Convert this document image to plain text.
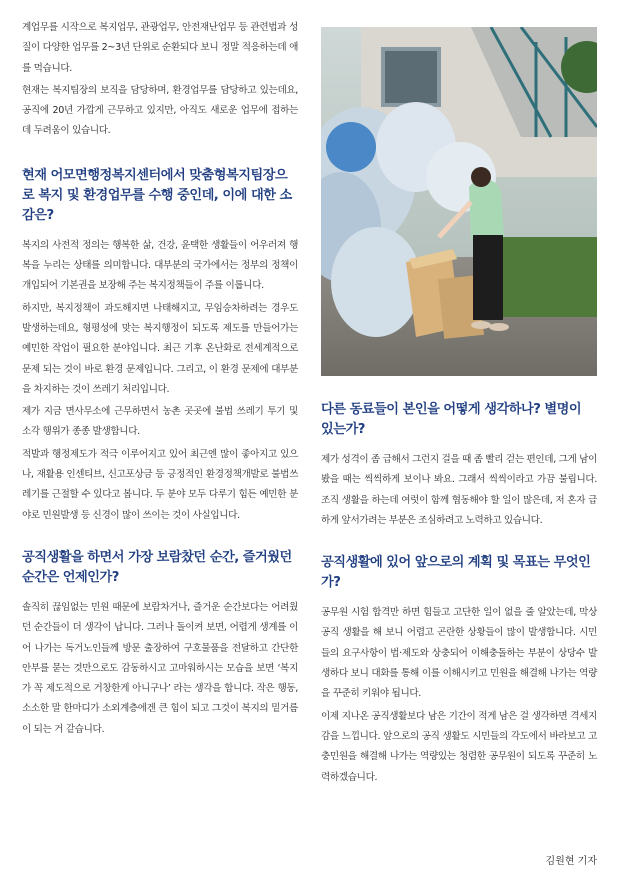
계업무를 시작으로 복지업무, 관광업무, 안전재난업무 등 관련법과 성질이 다양한 업무를 2~3년 단위로 순환되다 보니 정말 적응하는데 애를 먹습니다.

현재는 복지팀장의 보직을 담당하며, 환경업무를 담당하고 있는데요, 공직에 20년 가깝게 근무하고 있지만, 아직도 새로운 업무에 접하는데 두려움이 있습니다.

현재 어모면행정복지센터에서 맞춤형복지팀장으로 복지 및 환경업무를 수행 중인데, 이에 대한 소감은?

복지의 사전적 정의는 행복한 삶, 건강, 윤택한 생활들이 어우러져 행복을 누리는 상태를 의미합니다. 대부분의 국가에서는 정부의 정책이 개입되어 기본권을 보장해 주는 복지정책들이 주를 이룹니다.

하지만, 복지정책이 과도해지면 나태해지고, 무임승차하려는 경우도 발생하는데요, 형평성에 맞는 복지행정이 되도록 제도를 만들어가는 예민한 작업이 필요한 분야입니다. 최근 기후 온난화로 전세계적으로 문제 되는 것이 바로 환경 문제입니다. 그리고, 이 환경 문제에 대부분을 차지하는 것이 쓰레기 처리입니다.

제가 지금 면사무소에 근무하면서 농촌 곳곳에 불법 쓰레기 투기 및 소각 행위가 종종 발생합니다.

적발과 행정제도가 적극 이루어지고 있어 최근엔 많이 좋아지고 있으나, 재활용 인센티브, 신고포상금 등 긍정적인 환경정책개발로 불법쓰레기를 근절할 수 있다고 봅니다. 두 분야 모두 다루기 힘든 예민한 분야로 민원발생 등 신경이 많이 쓰이는 것이 사실입니다.

공직생활을 하면서 가장 보람찼던 순간, 즐거웠던 순간은 언제인가?

솔직히 끊임없는 민원 때문에 보람차거나, 즐거운 순간보다는 어려웠던 순간들이 더 생각이 납니다. 그러나 돌이켜 보면, 어렵게 생계를 이어 나가는 독거노인들께 방문 출장하여 구호물품을 전달하고 간단한 안부를 묻는 것만으로도 감동하시고 고마워하시는 모습을 보면 ‘복지가 꼭 제도적으로 거창한게 아니구나’ 라는 생각을 합니다. 작은 행동, 소소한 말 한마디가 소외계층에겐 큰 힘이 되고 그것이 복지의 밑거름이 되는 거 같습니다.

다른 동료들이 본인을 어떻게 생각하나? 별명이 있는가?

제가 성격이 좀 급해서 그런지 걸을 때 좀 빨리 걷는 편인데, 그게 남이 봤을 때는 씩씩하게 보이나 봐요. 그래서 씩씩이라고 가끔 불립니다. 조직 생활을 하는데 여럿이 함께 협동해야 할 일이 많은데, 저 혼자 급하게 앞서가려는 부분은 조심하려고 노력하고 있습니다.

공직생활에 있어 앞으로의 계획 및 목표는 무엇인가?

공무원 시험 합격만 하면 힘들고 고단한 일이 없을 줄 알았는데, 막상 공직 생활을 해 보니 어렵고 곤란한 상황들이 많이 발생합니다. 시민들의 요구사항이 법·제도와 상충되어 이해충돌하는 부분이 상당수 발생하다 보니 대화를 통해 이를 이해시키고 민원을 해결해 나가는 역량을 꾸준히 키워야 됩니다.

이제 지나온 공직생활보다 남은 기간이 적게 남은 걸 생각하면 격세지감을 느낍니다. 앞으로의 공직 생활도 시민들의 각도에서 바라보고 고충민원을 해결해 나가는 역량있는 청렴한 공무원이 되도록 꾸준히 노력하겠습니다.

김원현 기자
